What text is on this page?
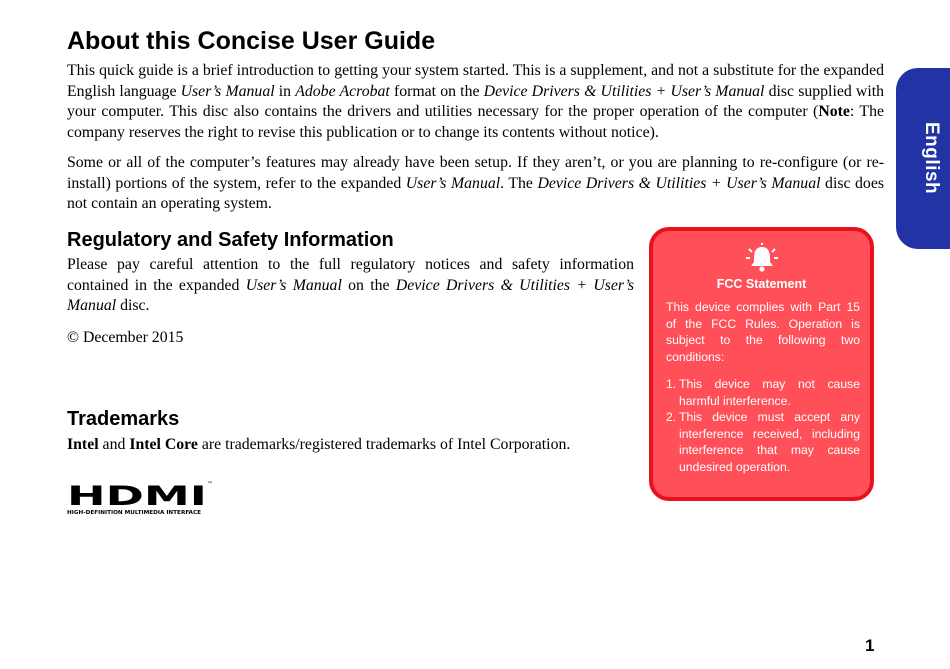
About this Concise User Guide

This quick guide is a brief introduction to getting your system started. This is a supplement, and not a substitute for the expanded English language User’s Manual in Adobe Acrobat format on the Device Drivers & Utilities + User’s Manual disc supplied with your computer. This disc also contains the drivers and utilities necessary for the proper operation of the computer (Note: The company reserves the right to revise this publication or to change its contents without notice).

Some or all of the computer’s features may already have been setup. If they aren’t, or you are planning to re-configure (or re-install) portions of the system, refer to the expanded User’s Manual. The Device Drivers & Utilities + User’s Manual disc does not contain an operating system.

Regulatory and Safety Information

Please pay careful attention to the full regulatory notices and safety information contained in the expanded User’s Manual on the Device Drivers & Utilities + User’s Manual disc.

© December 2015

Trademarks

Intel and Intel Core are trademarks/registered trademarks of Intel Corporation.

HDMI ™
HIGH-DEFINITION MULTIMEDIA INTERFACE
FCC Statement
This device complies with Part 15 of the FCC Rules. Operation is subject to the following two conditions:
1. This device may not cause harmful interference.
2. This device must accept any interference received, including interference that may cause undesired operation.
English
1
